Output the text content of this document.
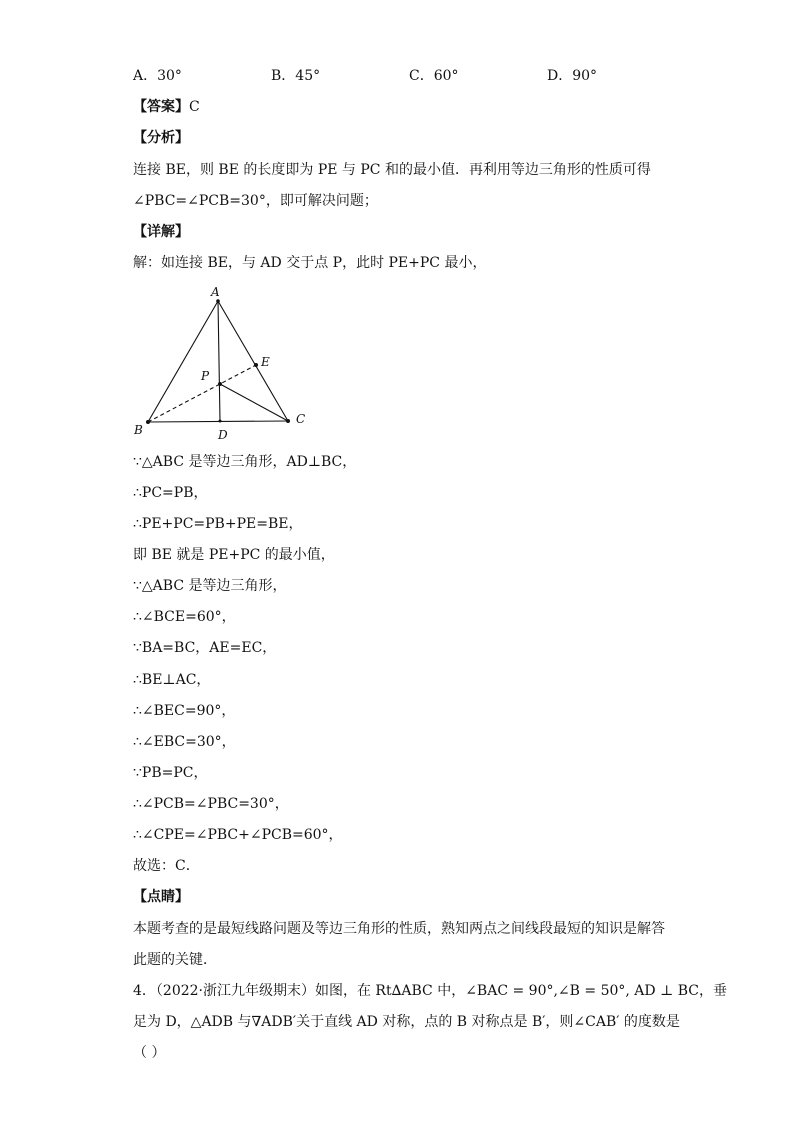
A．30°	B．45°	C．60°	D．90°
【答案】C
【分析】
连接 BE，则 BE 的长度即为 PE 与 PC 和的最小值．再利用等边三角形的性质可得
∠PBC=∠PCB=30°，即可解决问题；
【详解】
解：如连接 BE，与 AD 交于点 P，此时 PE+PC 最小，
A
B
C
D
E
P
∵△ABC 是等边三角形，AD⊥BC，
∴PC=PB，
∴PE+PC=PB+PE=BE，
即 BE 就是 PE+PC 的最小值，
∵△ABC 是等边三角形，
∴∠BCE=60°，
∵BA=BC，AE=EC，
∴BE⊥AC，
∴∠BEC=90°，
∴∠EBC=30°，
∵PB=PC，
∴∠PCB=∠PBC=30°，
∴∠CPE=∠PBC+∠PCB=60°，
故选：C．
【点睛】
本题考查的是最短线路问题及等边三角形的性质，熟知两点之间线段最短的知识是解答
此题的关键．
4．（2022·浙江九年级期末）如图，在 Rt∆ABC 中，∠BAC = 90°,∠B = 50°, AD ⊥ BC，垂
足为 D，△ADB 与∇ADB′关于直线 AD 对称，点的 B 对称点是 B′，则∠CAB′ 的度数是
（ ）
